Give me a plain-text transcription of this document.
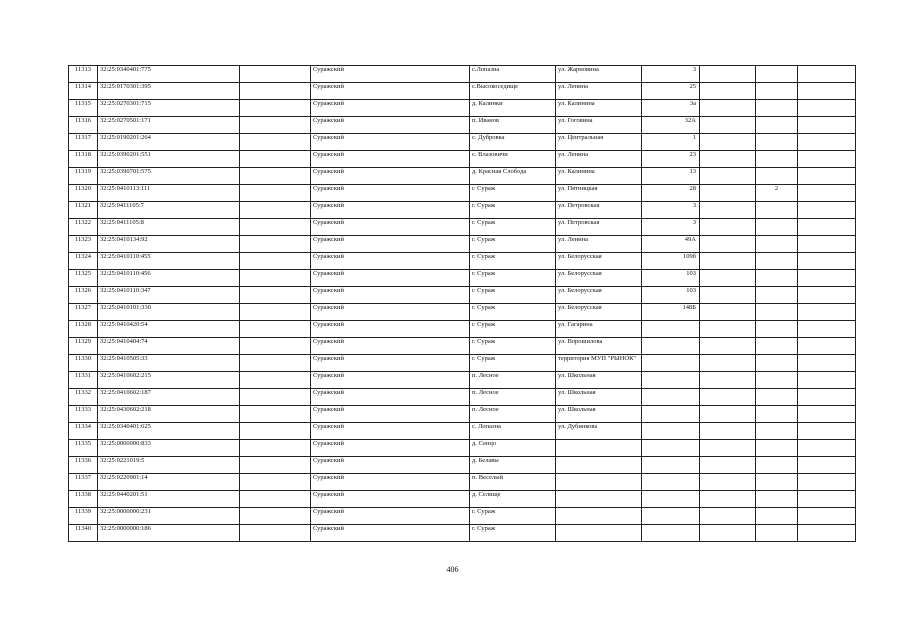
11313	32:25:0340401:775		Суражский	с.Лопазна	ул. Жарновина	3			
11314	32:25:0170301:395		Суражский	с.Высокоседище	ул. Ленина	25			
11315	32:25:0270301:715		Суражский	д. Калинки	ул. Калинина	3а			
11316	32:25:0270501:171		Суражский	п. Иванов	ул. Гоговина	32А			
11317	32:25:0190201:264		Суражский	с. Дубровка	ул. Центральная	1			
11318	32:25:0390201:551		Суражский	с. Влазовичи	ул. Ленина	23			
11319	32:25:0390701:575		Суражский	д. Красная Слобода	ул. Калинина	13			
11320	32:25:0410113:111		Суражский	г. Сураж	ул. Пятницкая	28		2	
11321	32:25:0411105:7		Суражский	г. Сураж	ул. Петровская	3			
11322	32:25:0411105:8		Суражский	г. Сураж	ул. Петровская	3			
11323	32:25:0410134:92		Суражский	г. Сураж	ул. Ленина	49А			
11324	32:25:0410110:455		Суражский	г. Сураж	ул. Белорусская	109б			
11325	32:25:0410110:456		Суражский	г. Сураж	ул. Белорусская	103			
11326	32:25:0410110:347		Суражский	г. Сураж	ул. Белорусская	103			
11327	32:25:0410101:330		Суражский	г. Сураж	ул. Белорусская	148Б			
11328	32:25:0410420:54		Суражский	г. Сураж	ул. Гагарина				
11329	32:25:0410404:74		Суражский	г. Сураж	ул. Ворошилова				
11330	32:25:0410505:33		Суражский	г. Сураж	территория МУП "РЫНОК"				
11331	32:25:0410602:215		Суражский	п. Лесное	ул. Школьная				
11332	32:25:0410602:187		Суражский	п. Лесное	ул. Школьная				
11333	32:25:0430602:218		Суражский	п. Лесное	ул. Школьная				
11334	32:25:0340401:625		Суражский	с. Лопазна	ул. Дубинкова				
11335	32:25:0000000:833		Суражский	д. Сенцо					
11336	32:25:0221019:5		Суражский	д. Белавы					
11337	32:25:0220901:14		Суражский	п. Веселый					
11338	32:25:0440201:51		Суражский	д. Селище					
11339	32:25:0000000:231		Суражский	г. Сураж					
11340	32:25:0000000:186		Суражский	г. Сураж					
406
